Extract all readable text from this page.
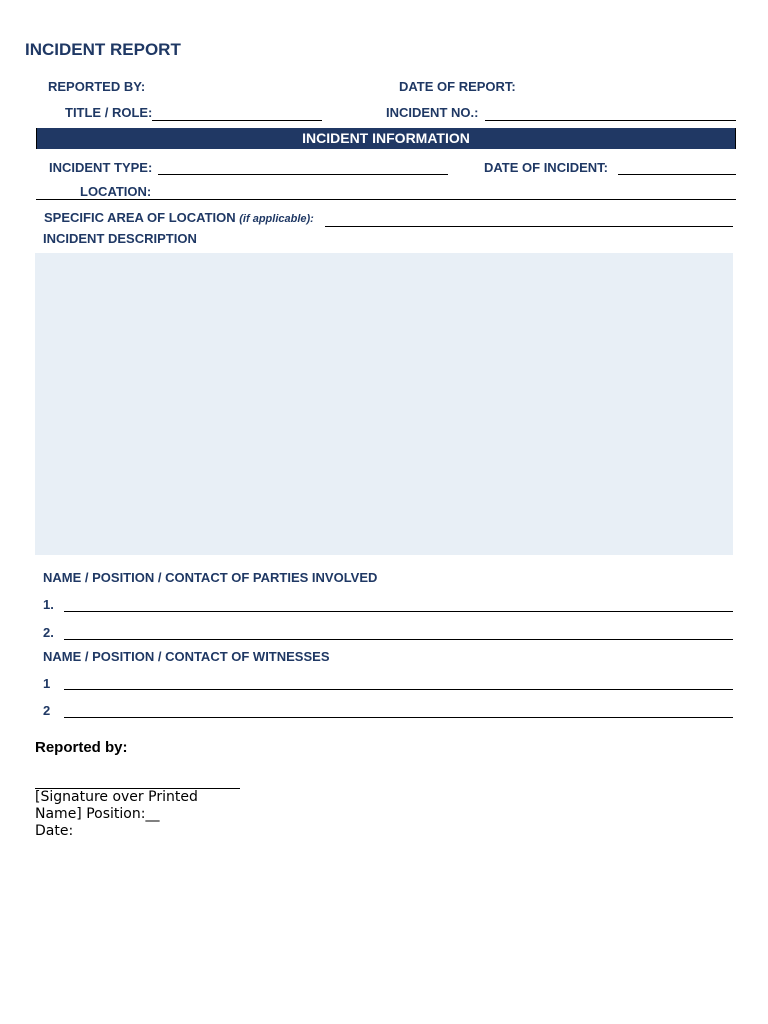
INCIDENT REPORT
REPORTED BY:	DATE OF REPORT:
TITLE / ROLE:	INCIDENT NO.:
INCIDENT INFORMATION
INCIDENT TYPE:	DATE OF INCIDENT:
LOCATION:
SPECIFIC AREA OF LOCATION (if applicable):
INCIDENT DESCRIPTION
NAME / POSITION / CONTACT OF PARTIES INVOLVED
1.
2.
NAME / POSITION / CONTACT OF WITNESSES
1
2
Reported by:
[Signature over Printed
Name] Position:__
Date:
